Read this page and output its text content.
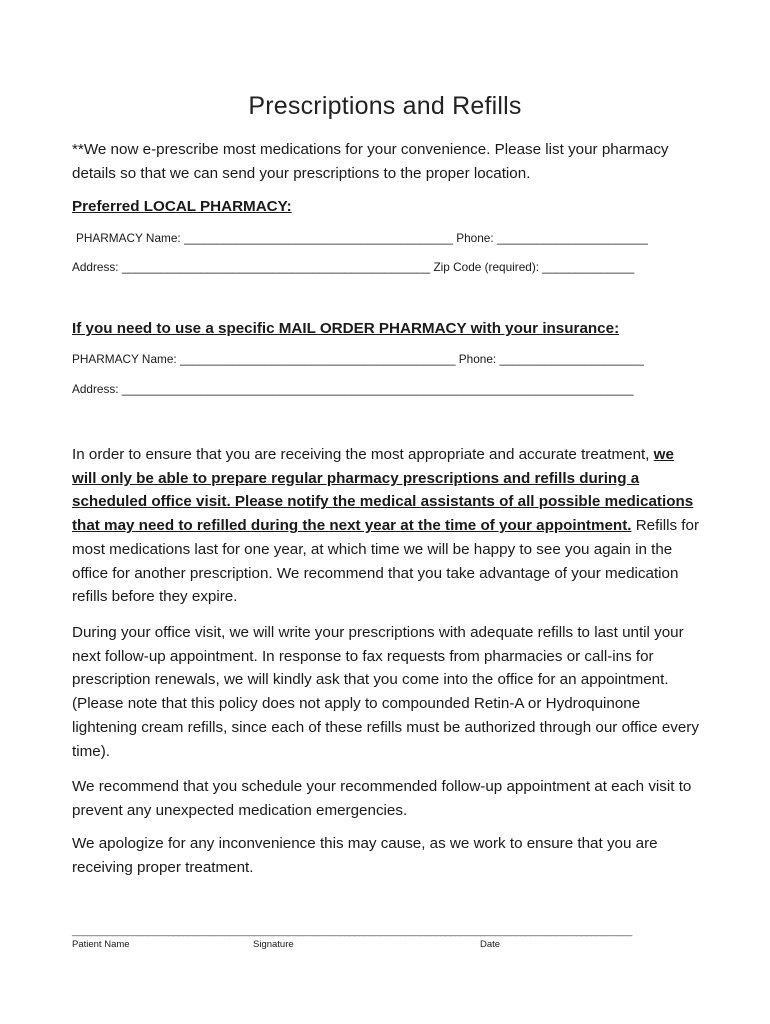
Prescriptions and Refills
**We now e-prescribe most medications for your convenience. Please list your pharmacy details so that we can send your prescriptions to the proper location.
Preferred LOCAL PHARMACY:
PHARMACY Name: _________________________________________ Phone: _______________________
Address: _______________________________________________ Zip Code (required): ______________
If you need to use a specific MAIL ORDER PHARMACY with your insurance:
PHARMACY Name: __________________________________________ Phone: ______________________
Address: ______________________________________________________________________________

In order to ensure that you are receiving the most appropriate and accurate treatment, we will only be able to prepare regular pharmacy prescriptions and refills during a scheduled office visit. Please notify the medical assistants of all possible medications that may need to refilled during the next year at the time of your appointment. Refills for most medications last for one year, at which time we will be happy to see you again in the office for another prescription. We recommend that you take advantage of your medication refills before they expire.

During your office visit, we will write your prescriptions with adequate refills to last until your next follow-up appointment. In response to fax requests from pharmacies or call-ins for prescription renewals, we will kindly ask that you come into the office for an appointment. (Please note that this policy does not apply to compounded Retin-A or Hydroquinone lightening cream refills, since each of these refills must be authorized through our office every time).

We recommend that you schedule your recommended follow-up appointment at each visit to prevent any unexpected medication emergencies.

We apologize for any inconvenience this may cause, as we work to ensure that you are receiving proper treatment.

____________________________________
Patient Name
_____________________________________________
Signature
______________________________
Date
